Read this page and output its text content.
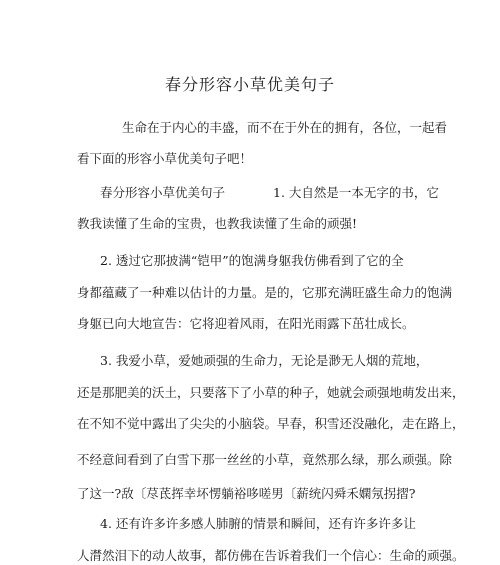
春分形容小草优美句子
生命在于内心的丰盛，而不在于外在的拥有，各位，一起看
看下面的形容小草优美句子吧！
春分形容小草优美句子	1. 大自然是一本无字的书，它
教我读懂了生命的宝贵，也教我读懂了生命的顽强!
2. 透过它那披满“铠甲”的饱满身躯我仿佛看到了它的全
身都蕴藏了一种难以估计的力量。是的，它那充满旺盛生命力的饱满
身躯已向大地宣告：它将迎着风雨，在阳光雨露下茁壮成长。
3. 我爱小草，爱她顽强的生命力，无论是渺无人烟的荒地，
还是那肥美的沃土，只要落下了小草的种子，她就会顽强地萌发出来，
在不知不觉中露出了尖尖的小脑袋。早春，积雪还没融化，走在路上，
不经意间看到了白雪下那一丝丝的小草，竟然那么绿，那么顽强。除
了这一?敌〔荩茋挥幸坏愣躺裕哆嗟男〔薪统闪舜禾嫻氖拐摺?
4. 还有许多许多感人肺腑的情景和瞬间，还有许多许多让
人潸然泪下的动人故事，都仿佛在告诉着我们一个信心：生命的顽强。
